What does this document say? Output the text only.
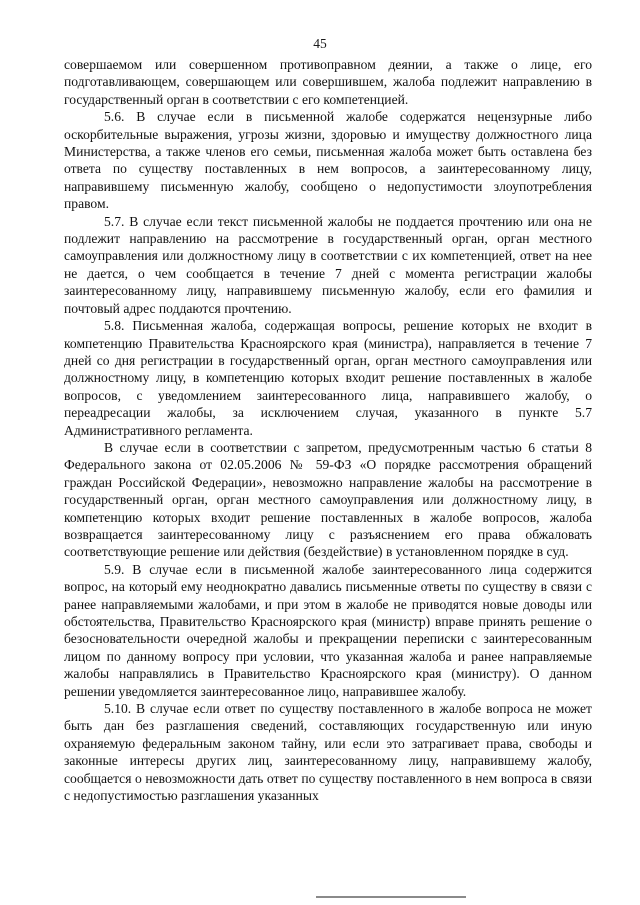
45

совершаемом или совершенном противоправном деянии, а также о лице, его подготавливающем, совершающем или совершившем, жалоба подлежит направлению в государственный орган в соответствии с его компетенцией.

5.6. В случае если в письменной жалобе содержатся нецензурные либо оскорбительные выражения, угрозы жизни, здоровью и имуществу должностного лица Министерства, а также членов его семьи, письменная жалоба может быть оставлена без ответа по существу поставленных в нем вопросов, а заинтересованному лицу, направившему письменную жалобу, сообщено о недопустимости злоупотребления правом.

5.7. В случае если текст письменной жалобы не поддается прочтению или она не подлежит направлению на рассмотрение в государственный орган, орган местного самоуправления или должностному лицу в соответствии с их компетенцией, ответ на нее не дается, о чем сообщается в течение 7 дней с момента регистрации жалобы заинтересованному лицу, направившему письменную жалобу, если его фамилия и почтовый адрес поддаются прочтению.

5.8. Письменная жалоба, содержащая вопросы, решение которых не входит в компетенцию Правительства Красноярского края (министра), направляется в течение 7 дней со дня регистрации в государственный орган, орган местного самоуправления или должностному лицу, в компетенцию которых входит решение поставленных в жалобе вопросов, с уведомлением заинтересованного лица, направившего жалобу, о переадресации жалобы, за исключением случая, указанного в пункте 5.7 Административного регламента.

В случае если в соответствии с запретом, предусмотренным частью 6 статьи 8 Федерального закона от 02.05.2006 № 59-ФЗ «О порядке рассмотрения обращений граждан Российской Федерации», невозможно направление жалобы на рассмотрение в государственный орган, орган местного самоуправления или должностному лицу, в компетенцию которых входит решение поставленных в жалобе вопросов, жалоба возвращается заинтересованному лицу с разъяснением его права обжаловать соответствующие решение или действия (бездействие) в установленном порядке в суд.

5.9. В случае если в письменной жалобе заинтересованного лица содержится вопрос, на который ему неоднократно давались письменные ответы по существу в связи с ранее направляемыми жалобами, и при этом в жалобе не приводятся новые доводы или обстоятельства, Правительство Красноярского края (министр) вправе принять решение о безосновательности очередной жалобы и прекращении переписки с заинтересованным лицом по данному вопросу при условии, что указанная жалоба и ранее направляемые жалобы направлялись в Правительство Красноярского края (министру). О данном решении уведомляется заинтересованное лицо, направившее жалобу.

5.10. В случае если ответ по существу поставленного в жалобе вопроса не может быть дан без разглашения сведений, составляющих государственную или иную охраняемую федеральным законом тайну, или если это затрагивает права, свободы и законные интересы других лиц, заинтересованному лицу, направившему жалобу, сообщается о невозможности дать ответ по существу поставленного в нем вопроса в связи с недопустимостью разглашения указанных
